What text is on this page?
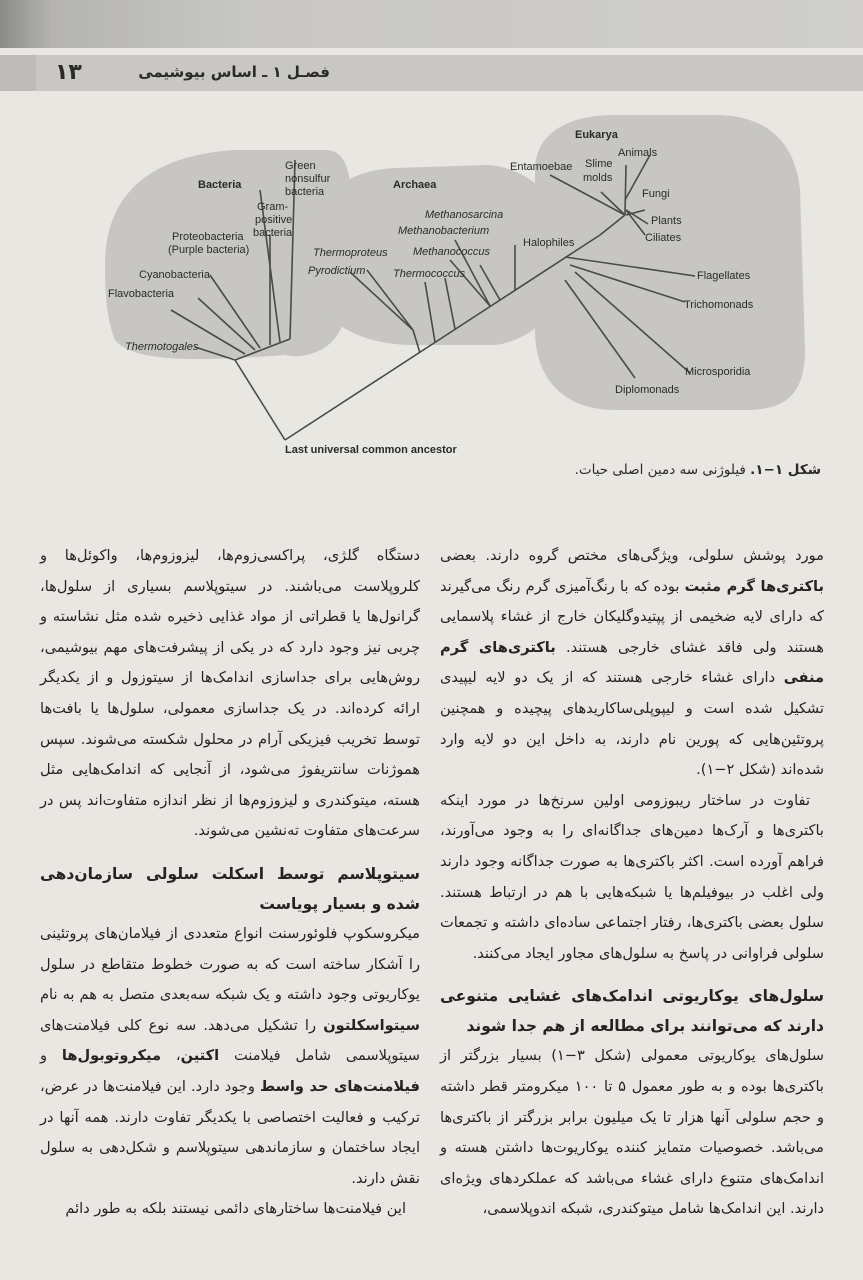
۱۳	فصـل ۱ ـ اساس بیوشیمی
Bacteria	Archaea
Eukarya
Green
nonsulfur
bacteria
Gram-
positive
bacteria
Proteobacteria
(Purple bacteria)
Cyanobacteria
Flavobacteria
Thermotogales
Methanosarcina
Methanobacterium
Methanococcus
Halophiles
Thermoproteus
Pyrodictium	Thermococcus
Entamoebae Slime
molds
Animals
Fungi
Plants
Ciliates
Flagellates
Trichomonads
Microsporidia
Diplomonads
Last universal common ancestor
شکل ۱−۱. فیلوژنی سه دمین اصلی حیات.

مورد پوشش سلولی، ویژگی‌های مختص گروه دارند. بعضی باکتری‌ها گرم مثبت بوده که با رنگ‌آمیزی گرم رنگ می‌گیرند که دارای لایه ضخیمی از پپتیدوگلیکان خارج از غشاء پلاسمایی هستند ولی فاقد غشای خارجی هستند. باکتری‌های گرم منفی دارای غشاء خارجی هستند که از یک دو لایه لیپیدی تشکیل شده است و لیپوپلی‌ساکاریدهای پیچیده و همچنین پروتئین‌هایی که پورین نام دارند، به داخل این دو لایه وارد شده‌اند (شکل ۲−۱).

تفاوت در ساختار ریبوزومی اولین سرنخ‌ها در مورد اینکه باکتری‌ها و آرک‌ها دمین‌های جداگانه‌ای را به وجود می‌آورند، فراهم آورده است. اکثر باکتری‌ها به صورت جداگانه وجود دارند ولی اغلب در بیوفیلم‌ها یا شبکه‌هایی با هم در ارتباط هستند. سلول بعضی باکتری‌ها، رفتار اجتماعی ساده‌ای داشته و تجمعات سلولی فراوانی در پاسخ به سلول‌های مجاور ایجاد می‌کنند.

سلول‌های یوکاریوتی اندامک‌های غشایی متنوعی دارند که می‌توانند برای مطالعه از هم جدا شوند

سلول‌های یوکاریوتی معمولی (شکل ۳−۱) بسیار بزرگتر از باکتری‌ها بوده و به طور معمول ۵ تا ۱۰۰ میکرومتر قطر داشته و حجم سلولی آنها هزار تا یک میلیون برابر بزرگتر از باکتری‌ها می‌باشد. خصوصیات متمایز کننده یوکاریوت‌ها داشتن هسته و اندامک‌های متنوع دارای غشاء می‌باشد که عملکردهای ویژه‌ای دارند. این اندامک‌ها شامل میتوکندری، شبکه اندوپلاسمی،

دستگاه گلژی، پراکسی‌زوم‌ها، لیزوزوم‌ها، واکوئل‌ها و کلروپلاست می‌باشند. در سیتوپلاسم بسیاری از سلول‌ها، گرانول‌ها یا قطراتی از مواد غذایی ذخیره شده مثل نشاسته و چربی نیز وجود دارد که در یکی از پیشرفت‌های مهم بیوشیمی، روش‌هایی برای جداسازی اندامک‌ها از سیتوزول و از یکدیگر ارائه کرده‌اند. در یک جداسازی معمولی، سلول‌ها یا بافت‌ها توسط تخریب فیزیکی آرام در محلول شکسته می‌شوند. سپس هموژنات سانتریفوژ می‌شود، از آنجایی که اندامک‌هایی مثل هسته، میتوکندری و لیزوزوم‌ها از نظر اندازه متفاوت‌اند پس در سرعت‌های متفاوت ته‌نشین می‌شوند.

سیتوپلاسم توسط اسکلت سلولی سازمان‌دهی شده و بسیار پویاست

میکروسکوپ فلوئورسنت انواع متعددی از فیلامان‌های پروتئینی را آشکار ساخته است که به صورت خطوط متقاطع در سلول یوکاریوتی وجود داشته و یک شبکه سه‌بعدی متصل به هم به نام سیتواسکلتون را تشکیل می‌دهد. سه نوع کلی فیلامنت‌های سیتوپلاسمی شامل فیلامنت اکتین، میکروتوبول‌ها و فیلامنت‌های حد واسط وجود دارد. این فیلامنت‌ها در عرض، ترکیب و فعالیت اختصاصی با یکدیگر تفاوت دارند. همه آنها در ایجاد ساختمان و سازماندهی سیتوپلاسم و شکل‌دهی به سلول نقش دارند.

این فیلامنت‌ها ساختارهای دائمی نیستند بلکه به طور دائم
